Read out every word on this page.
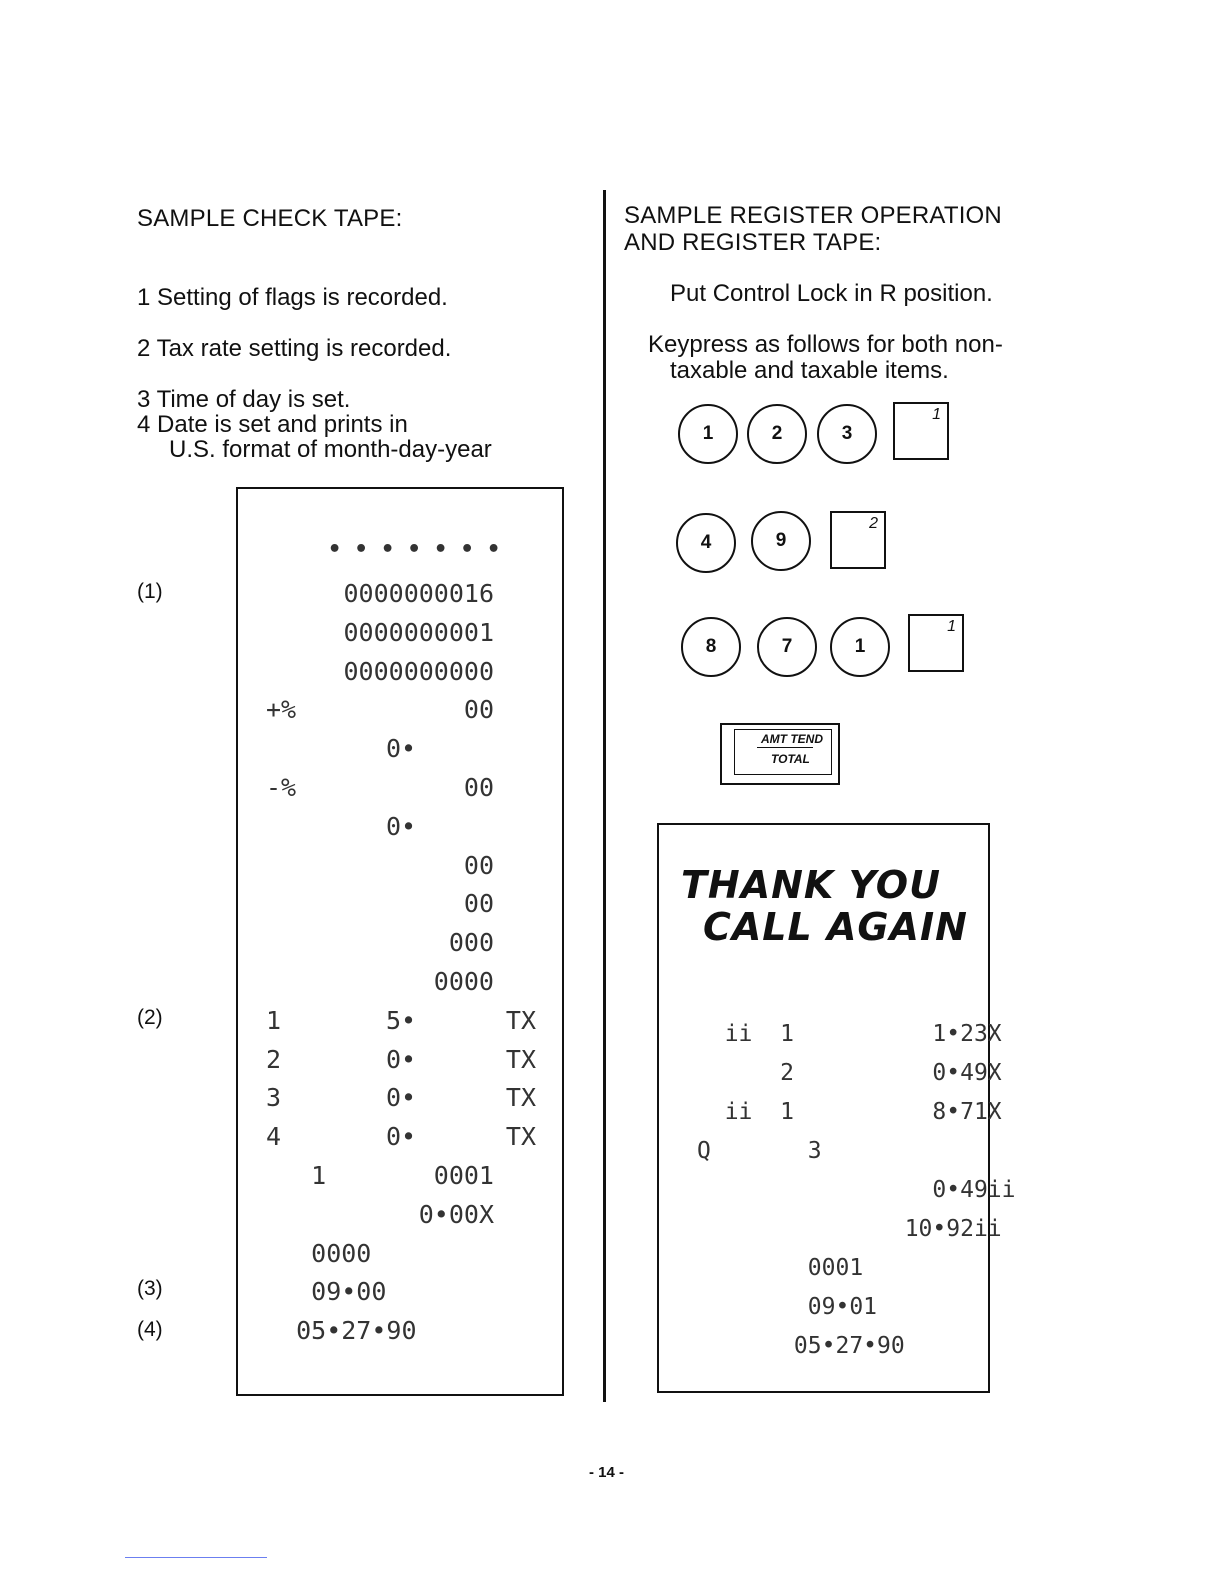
SAMPLE CHECK TAPE:
1 Setting of flags is recorded.
2 Tax rate setting is recorded.
3 Time of day is set.
4 Date is set and prints in
U.S. format of month-day-year
(1)
(2)
(3)
(4)
• • • • • • •
0000000016
0000000001
0000000000
+%	00
0•
-%	00
0•
00
00
000
0000
1	5•	TX
2	0•	TX
3	0•	TX
4	0•	TX
1	0001
0•00X
0000
09•00
05•27•90
SAMPLE REGISTER OPERATION
AND REGISTER TAPE:
Put Control Lock in R position.
Keypress as follows for both non-
taxable and taxable items.
1	2	3
1
4	9
2
8	7	1
1
AMT TEND
TOTAL
THANK YOU
CALL AGAIN
ii  1          1•23X
2          0•49X
ii  1          8•71X
Q       3
0•49ii
10•92ii
0001
09•01
05•27•90
- 14 -
